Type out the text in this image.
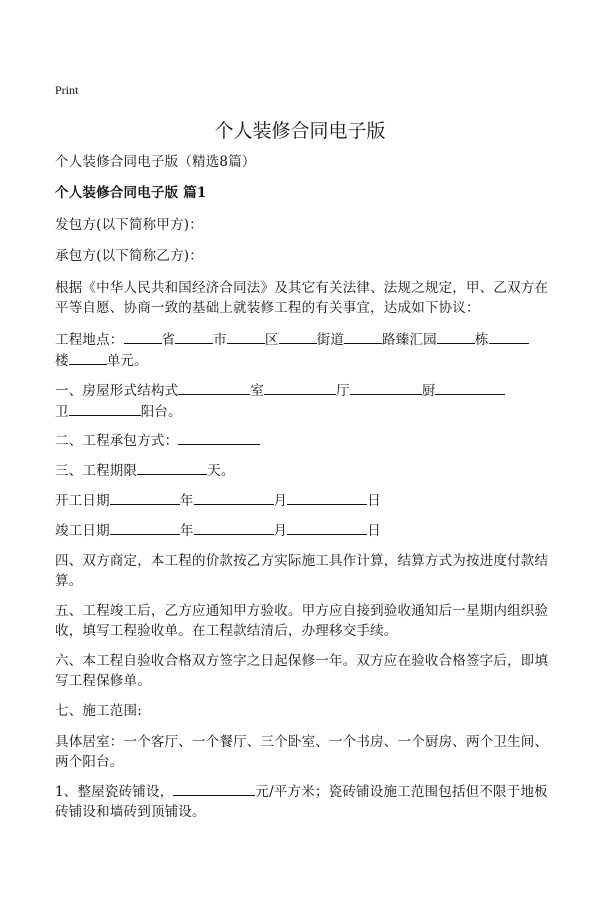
Print
个人装修合同电子版
个人装修合同电子版（精选8篇）
个人装修合同电子版 篇1
发包方(以下简称甲方)：
承包方(以下简称乙方)：
根据《中华人民共和国经济合同法》及其它有关法律、法规之规定，甲、乙双方在平等自愿、协商一致的基础上就装修工程的有关事宜，达成如下协议：
工程地点：	省	市	区	街道	路臻汇园	栋
楼	单元。
一、房屋形式结构式	室	厅	厨
卫	阳台。
二、工程承包方式：
三、工程期限	天。
开工日期	年	月	日
竣工日期	年	月	日
四、双方商定，本工程的价款按乙方实际施工具作计算，结算方式为按进度付款结算。
五、工程竣工后，乙方应通知甲方验收。甲方应自接到验收通知后一星期内组织验收，填写工程验收单。在工程款结清后，办理移交手续。
六、本工程自验收合格双方签字之日起保修一年。双方应在验收合格签字后，即填写工程保修单。
七、施工范围:
具体居室：一个客厅、一个餐厅、三个卧室、一个书房、一个厨房、两个卫生间、两个阳台。
1、整屋瓷砖铺设，	元/平方米；瓷砖铺设施工范围包括但不限于地板砖铺设和墙砖到顶铺设。
